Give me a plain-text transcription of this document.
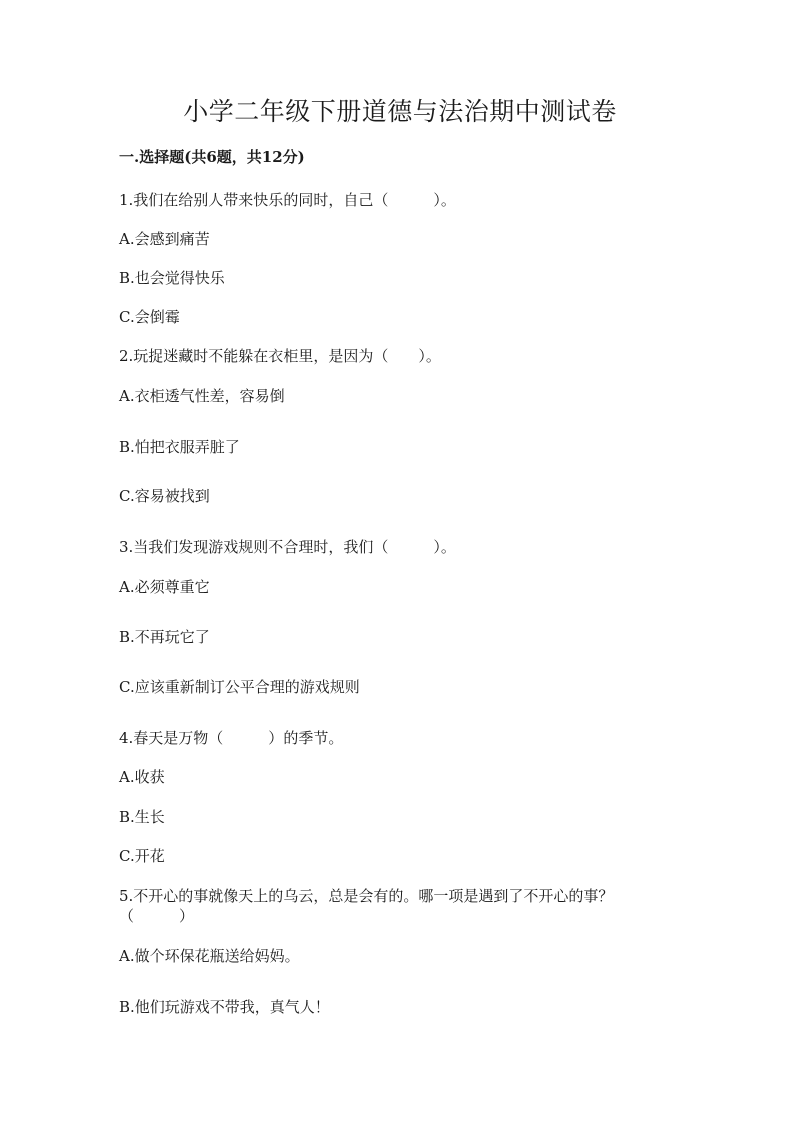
小学二年级下册道德与法治期中测试卷
一.选择题(共6题，共12分)
1.我们在给别人带来快乐的同时，自己（　　　）。
A.会感到痛苦
B.也会觉得快乐
C.会倒霉
2.玩捉迷藏时不能躲在衣柜里，是因为（　　）。
A.衣柜透气性差，容易倒
B.怕把衣服弄脏了
C.容易被找到
3.当我们发现游戏规则不合理时，我们（　　　）。
A.必须尊重它
B.不再玩它了
C.应该重新制订公平合理的游戏规则
4.春天是万物（　　　）的季节。
A.收获
B.生长
C.开花
5.不开心的事就像天上的乌云，总是会有的。哪一项是遇到了不开心的事？
（　　　）
A.做个环保花瓶送给妈妈。
B.他们玩游戏不带我，真气人！
